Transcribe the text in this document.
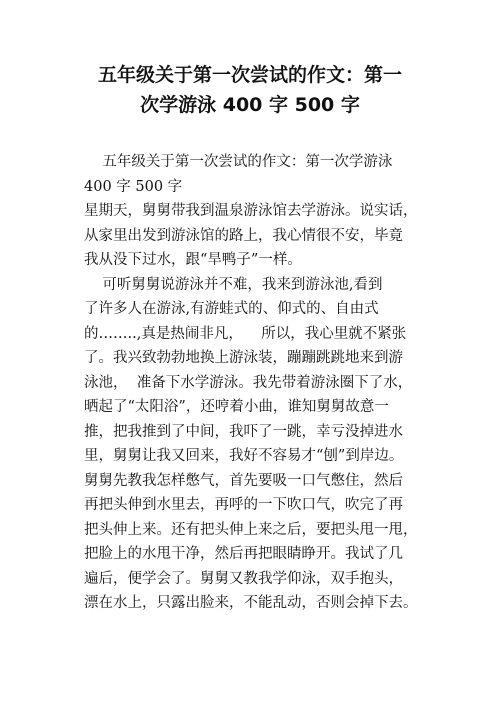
五年级关于第一次尝试的作文：第一
次学游泳 400 字 500 字
五年级关于第一次尝试的作文：第一次学游泳
400 字 500 字
星期天，舅舅带我到温泉游泳馆去学游泳。说实话，
从家里出发到游泳馆的路上，我心情很不安，毕竟
我从没下过水，跟“旱鸭子”一样。
可听舅舅说游泳并不难，我来到游泳池,看到
了许多人在游泳,有游蛙式的、仰式的、自由式
的……..,真是热闹非凡，    所以，我心里就不紧张
了。我兴致勃勃地换上游泳装，蹦蹦跳跳地来到游
泳池，  准备下水学游泳。我先带着游泳圈下了水，
晒起了“太阳浴”，还哼着小曲，谁知舅舅故意一
推，把我推到了中间，我吓了一跳，幸亏没掉进水
里，舅舅让我又回来，我好不容易才“刨”到岸边。
舅舅先教我怎样憋气，首先要吸一口气憋住，然后
再把头伸到水里去，再呼的一下吹口气，吹完了再
把头伸上来。还有把头伸上来之后，要把头甩一甩，
把脸上的水甩干净，然后再把眼睛睁开。我试了几
遍后，便学会了。舅舅又教我学仰泳，双手抱头，
漂在水上，只露出脸来，不能乱动，否则会掉下去。
